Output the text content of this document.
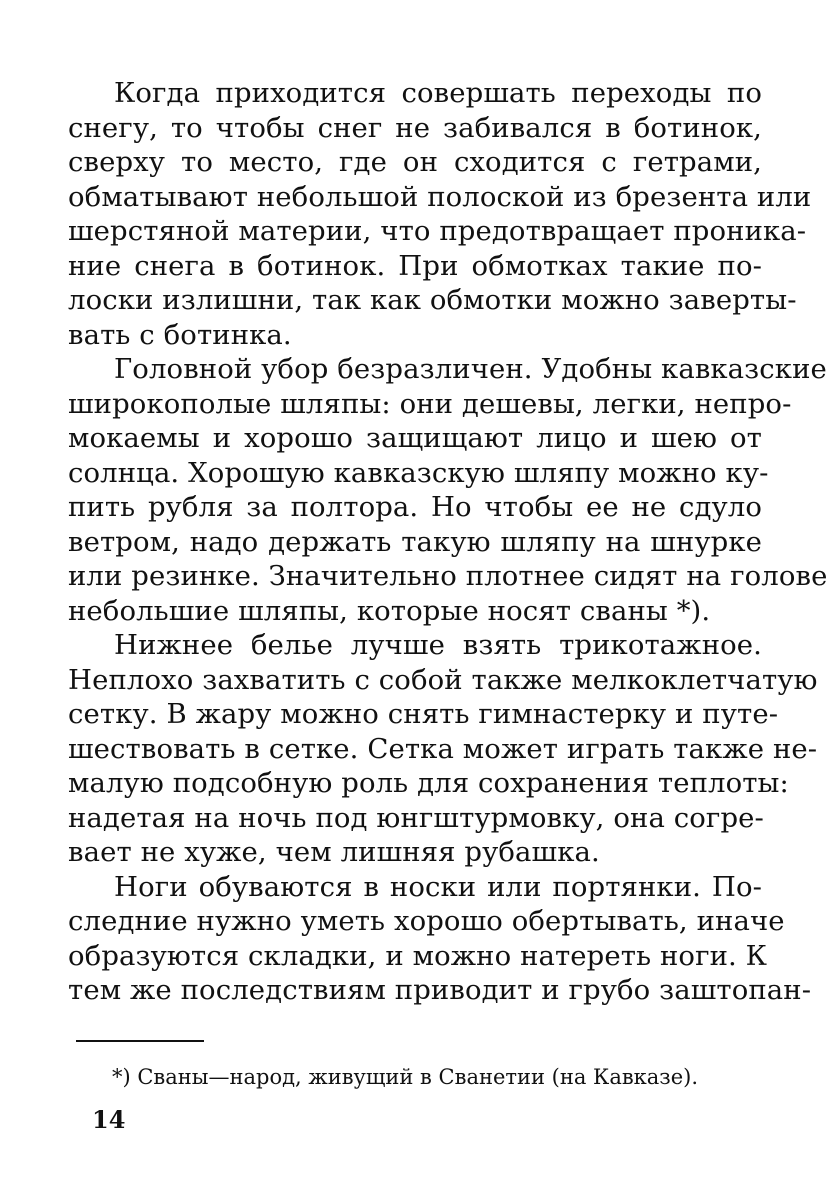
Когда приходится совершать переходы по
снегу, то чтобы снег не забивался в ботинок,
сверху то место, где он сходится с гетрами,
обматывают небольшой полоской из брезента или
шерстяной материи, что предотвращает проника-
ние снега в ботинок. При обмотках такие по-
лоски излишни, так как обмотки можно заверты-
вать с ботинка.
Головной убор безразличен. Удобны кавказские
широкополые шляпы: они дешевы, легки, непро-
мокаемы и хорошо защищают лицо и шею от
солнца. Хорошую кавказскую шляпу можно ку-
пить рубля за полтора. Но чтобы ее не сдуло
ветром, надо держать такую шляпу на шнурке
или резинке. Значительно плотнее сидят на голове
небольшие шляпы, которые носят сваны *).
Нижнее белье лучше взять трикотажное.
Неплохо захватить с собой также мелкоклетчатую
сетку. В жару можно снять гимнастерку и путе-
шествовать в сетке. Сетка может играть также не-
малую подсобную роль для сохранения теплоты:
надетая на ночь под юнгштурмовку, она согре-
вает не хуже, чем лишняя рубашка.
Ноги обуваются в носки или портянки. По-
следние нужно уметь хорошо обертывать, иначе
образуются складки, и можно натереть ноги. К
тем же последствиям приводит и грубо заштопан-
*) Сваны—народ, живущий в Сванетии (на Кавказе).
14
